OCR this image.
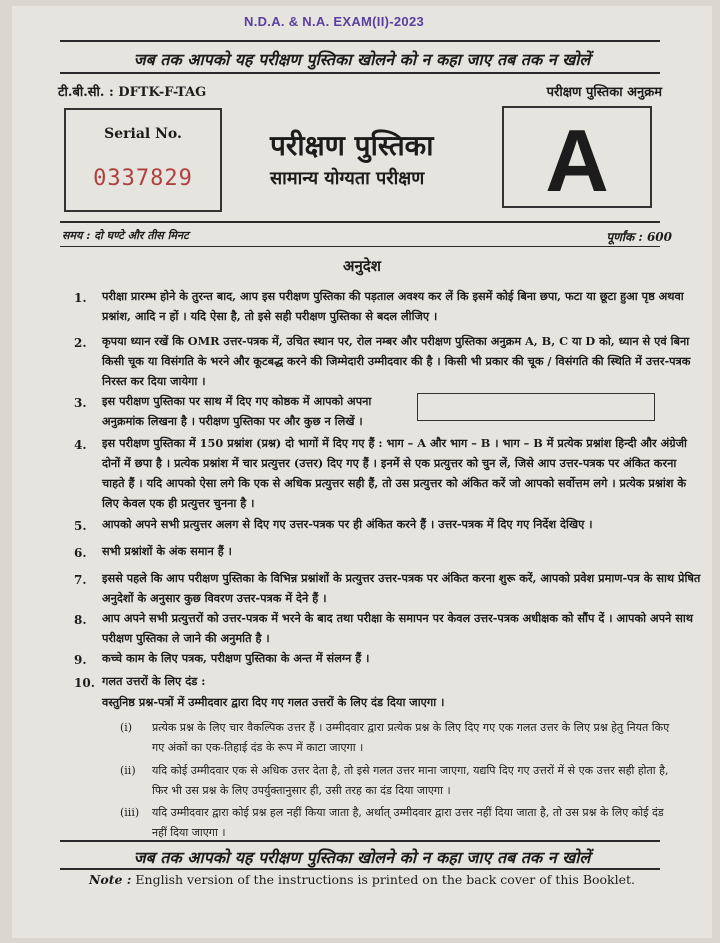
N.D.A. & N.A. EXAM(II)-2023
जब तक आपको यह परीक्षण पुस्तिका खोलने को न कहा जाए तब तक न खोलें
टी.बी.सी. : DFTK-F-TAG	परीक्षण पुस्तिका अनुक्रम
Serial No.
0337829
परीक्षण पुस्तिका
सामान्य योग्यता परीक्षण	A
समय : दो घण्टे और तीस मिनट	पूर्णांक : 600
अनुदेश
1. परीक्षा प्रारम्भ होने के तुरन्त बाद, आप इस परीक्षण पुस्तिका की पड़ताल अवश्य कर लें कि इसमें कोई बिना छपा, फटा या छूटा हुआ पृष्ठ अथवा प्रश्नांश, आदि न हों । यदि ऐसा है, तो इसे सही परीक्षण पुस्तिका से बदल लीजिए ।
2. कृपया ध्यान रखें कि OMR उत्तर-पत्रक में, उचित स्थान पर, रोल नम्बर और परीक्षण पुस्तिका अनुक्रम A, B, C या D को, ध्यान से एवं बिना किसी चूक या विसंगति के भरने और कूटबद्ध करने की जिम्मेदारी उम्मीदवार की है । किसी भी प्रकार की चूक / विसंगति की स्थिति में उत्तर-पत्रक निरस्त कर दिया जायेगा ।
3. इस परीक्षण पुस्तिका पर साथ में दिए गए कोष्ठक में आपको अपना अनुक्रमांक लिखना है । परीक्षण पुस्तिका पर और कुछ न लिखें ।
4. इस परीक्षण पुस्तिका में 150 प्रश्नांश (प्रश्न) दो भागों में दिए गए हैं : भाग – A और भाग – B । भाग – B में प्रत्येक प्रश्नांश हिन्दी और अंग्रेजी दोनों में छपा है । प्रत्येक प्रश्नांश में चार प्रत्युत्तर (उत्तर) दिए गए हैं । इनमें से एक प्रत्युत्तर को चुन लें, जिसे आप उत्तर-पत्रक पर अंकित करना चाहते हैं । यदि आपको ऐसा लगे कि एक से अधिक प्रत्युत्तर सही हैं, तो उस प्रत्युत्तर को अंकित करें जो आपको सर्वोत्तम लगे । प्रत्येक प्रश्नांश के लिए केवल एक ही प्रत्युत्तर चुनना है ।
5. आपको अपने सभी प्रत्युत्तर अलग से दिए गए उत्तर-पत्रक पर ही अंकित करने हैं । उत्तर-पत्रक में दिए गए निर्देश देखिए ।
6. सभी प्रश्नांशों के अंक समान हैं ।
7. इससे पहले कि आप परीक्षण पुस्तिका के विभिन्न प्रश्नांशों के प्रत्युत्तर उत्तर-पत्रक पर अंकित करना शुरू करें, आपको प्रवेश प्रमाण-पत्र के साथ प्रेषित अनुदेशों के अनुसार कुछ विवरण उत्तर-पत्रक में देने हैं ।
8. आप अपने सभी प्रत्युत्तरों को उत्तर-पत्रक में भरने के बाद तथा परीक्षा के समापन पर केवल उत्तर-पत्रक अधीक्षक को सौंप दें । आपको अपने साथ परीक्षण पुस्तिका ले जाने की अनुमति है ।
9. कच्चे काम के लिए पत्रक, परीक्षण पुस्तिका के अन्त में संलग्न हैं ।
10. गलत उत्तरों के लिए दंड :
वस्तुनिष्ठ प्रश्न-पत्रों में उम्मीदवार द्वारा दिए गए गलत उत्तरों के लिए दंड दिया जाएगा ।
(i) प्रत्येक प्रश्न के लिए चार वैकल्पिक उत्तर हैं । उम्मीदवार द्वारा प्रत्येक प्रश्न के लिए दिए गए एक गलत उत्तर के लिए प्रश्न हेतु नियत किए गए अंकों का एक-तिहाई दंड के रूप में काटा जाएगा ।
(ii) यदि कोई उम्मीदवार एक से अधिक उत्तर देता है, तो इसे गलत उत्तर माना जाएगा, यद्यपि दिए गए उत्तरों में से एक उत्तर सही होता है, फिर भी उस प्रश्न के लिए उपर्युक्तानुसार ही, उसी तरह का दंड दिया जाएगा ।
(iii) यदि उम्मीदवार द्वारा कोई प्रश्न हल नहीं किया जाता है, अर्थात् उम्मीदवार द्वारा उत्तर नहीं दिया जाता है, तो उस प्रश्न के लिए कोई दंड नहीं दिया जाएगा ।
जब तक आपको यह परीक्षण पुस्तिका खोलने को न कहा जाए तब तक न खोलें
Note : English version of the instructions is printed on the back cover of this Booklet.
